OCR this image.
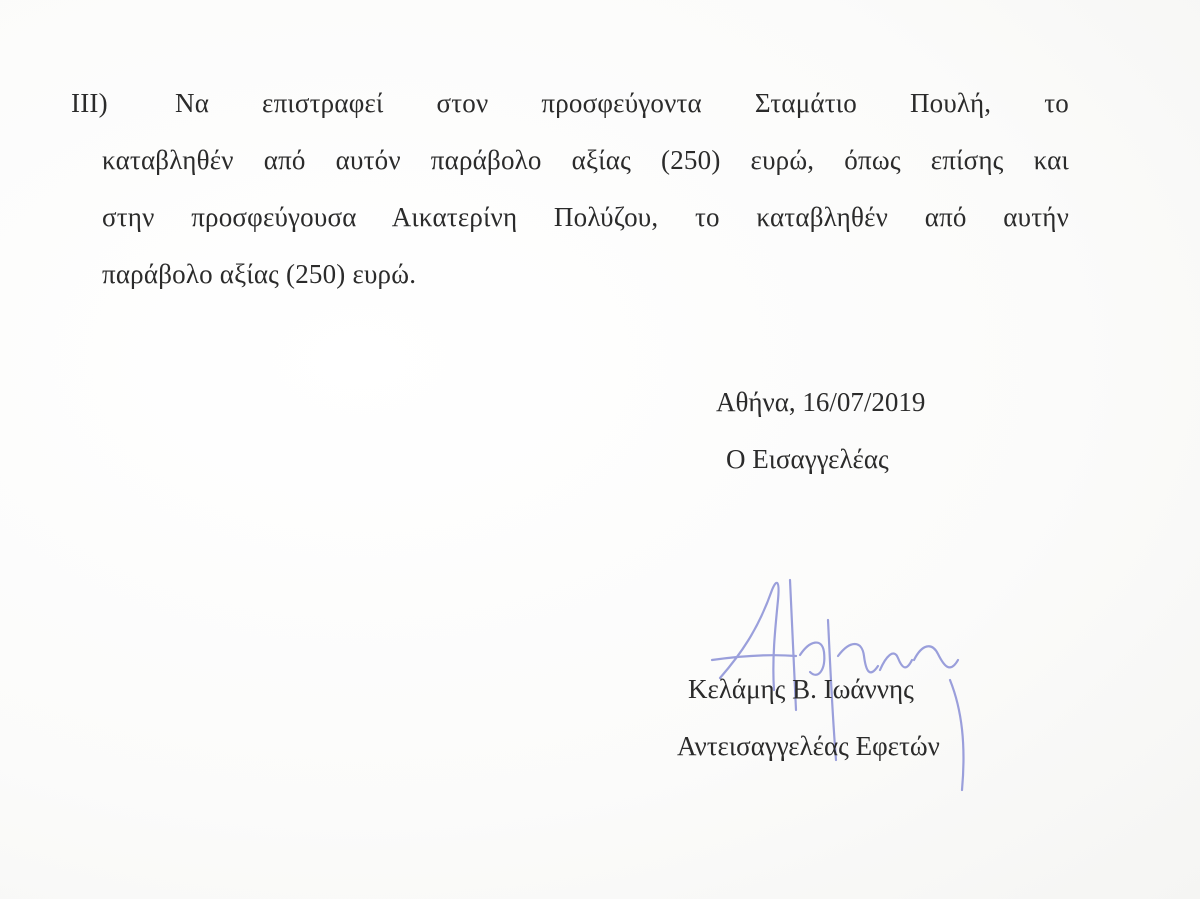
III) Να επιστραφεί στον προσφεύγοντα Σταμάτιο Πουλή, το
καταβληθέν από αυτόν παράβολο αξίας (250) ευρώ, όπως επίσης και
στην προσφεύγουσα Αικατερίνη Πολύζου, το καταβληθέν από αυτήν
παράβολο αξίας (250) ευρώ.
Αθήνα, 16/07/2019
Ο Εισαγγελέας
Κελάμης Β. Ιωάννης
Αντεισαγγελέας Εφετών
